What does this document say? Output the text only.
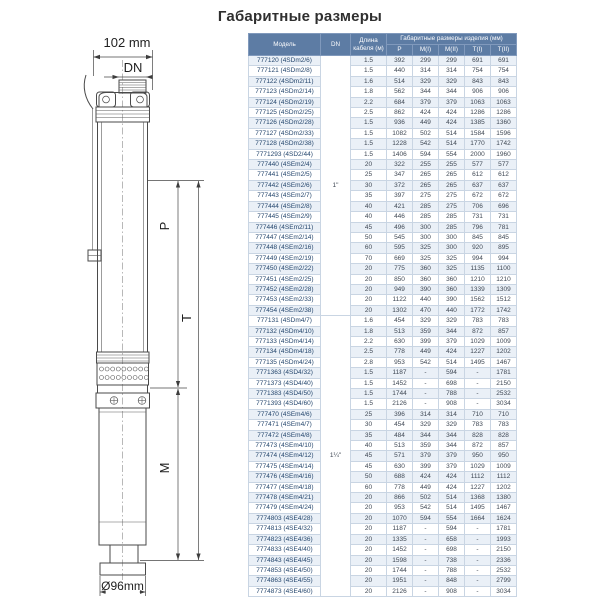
Габаритные размеры
102 mm
DN
P
T
M
Ø96mm
Модель	DN	Длина кабеля (м)	Габаритные размеры изделия (мм)				
			P	M(I)	M(II)	T(I)	T(II)
777120 (4SDm2/6)	1"	1.5	392	299	299	691	691
777121 (4SDm2/8)		1.5	440	314	314	754	754
777122 (4SDm2/11)		1.6	514	329	329	843	843
777123 (4SDm2/14)		1.8	562	344	344	906	906
777124 (4SDm2/19)		2.2	684	379	379	1063	1063
777125 (4SDm2/25)		2.5	862	424	424	1286	1286
777126 (4SDm2/28)		1.5	936	449	424	1385	1360
777127 (4SDm2/33)		1.5	1082	502	514	1584	1596
777128 (4SDm2/38)		1.5	1228	542	514	1770	1742
7771293 (4SD2/44)		1.5	1406	594	554	2000	1960
777440 (4SEm2/4)		20	322	255	255	577	577
777441 (4SEm2/5)		25	347	265	265	612	612
777442 (4SEm2/6)		30	372	265	265	637	637
777443 (4SEm2/7)		35	397	275	275	672	672
777444 (4SEm2/8)		40	421	285	275	706	696
777445 (4SEm2/9)		40	446	285	285	731	731
777446 (4SEm2/11)		45	496	300	285	796	781
777447 (4SEm2/14)		50	545	300	300	845	845
777448 (4SEm2/16)		60	595	325	300	920	895
777449 (4SEm2/19)		70	669	325	325	994	994
777450 (4SEm2/22)		20	775	360	325	1135	1100
777451 (4SEm2/25)		20	850	360	360	1210	1210
777452 (4SEm2/28)		20	949	390	360	1339	1309
777453 (4SEm2/33)		20	1122	440	390	1562	1512
777454 (4SEm2/38)		20	1302	470	440	1772	1742
777131 (4SDm4/7)	1¼"	1.6	454	329	329	783	783
777132 (4SDm4/10)		1.8	513	359	344	872	857
777133 (4SDm4/14)		2.2	630	399	379	1029	1009
777134 (4SDm4/18)		2.5	778	449	424	1227	1202
777135 (4SDm4/24)		2.8	953	542	514	1495	1467
7771363 (4SD4/32)		1.5	1187	-	594	-	1781
7771373 (4SD4/40)		1.5	1452	-	698	-	2150
7771383 (4SD4/50)		1.5	1744	-	788	-	2532
7771393 (4SD4/60)		1.5	2126	-	908	-	3034
777470 (4SEm4/6)		25	396	314	314	710	710
777471 (4SEm4/7)		30	454	329	329	783	783
777472 (4SEm4/8)		35	484	344	344	828	828
777473 (4SEm4/10)		40	513	359	344	872	857
777474 (4SEm4/12)		45	571	379	379	950	950
777475 (4SEm4/14)		45	630	399	379	1029	1009
777476 (4SEm4/16)		50	688	424	424	1112	1112
777477 (4SEm4/18)		60	778	449	424	1227	1202
777478 (4SEm4/21)		20	866	502	514	1368	1380
777479 (4SEm4/24)		20	953	542	514	1495	1467
7774803 (4SE4/28)		20	1070	594	554	1664	1624
7774813 (4SE4/32)		20	1187	-	594	-	1781
7774823 (4SE4/36)		20	1335	-	658	-	1993
7774833 (4SE4/40)		20	1452	-	698	-	2150
7774843 (4SE4/45)		20	1598	-	738	-	2336
7774853 (4SE4/50)		20	1744	-	788	-	2532
7774863 (4SE4/55)		20	1951	-	848	-	2799
7774873 (4SE4/60)		20	2126	-	908	-	3034
